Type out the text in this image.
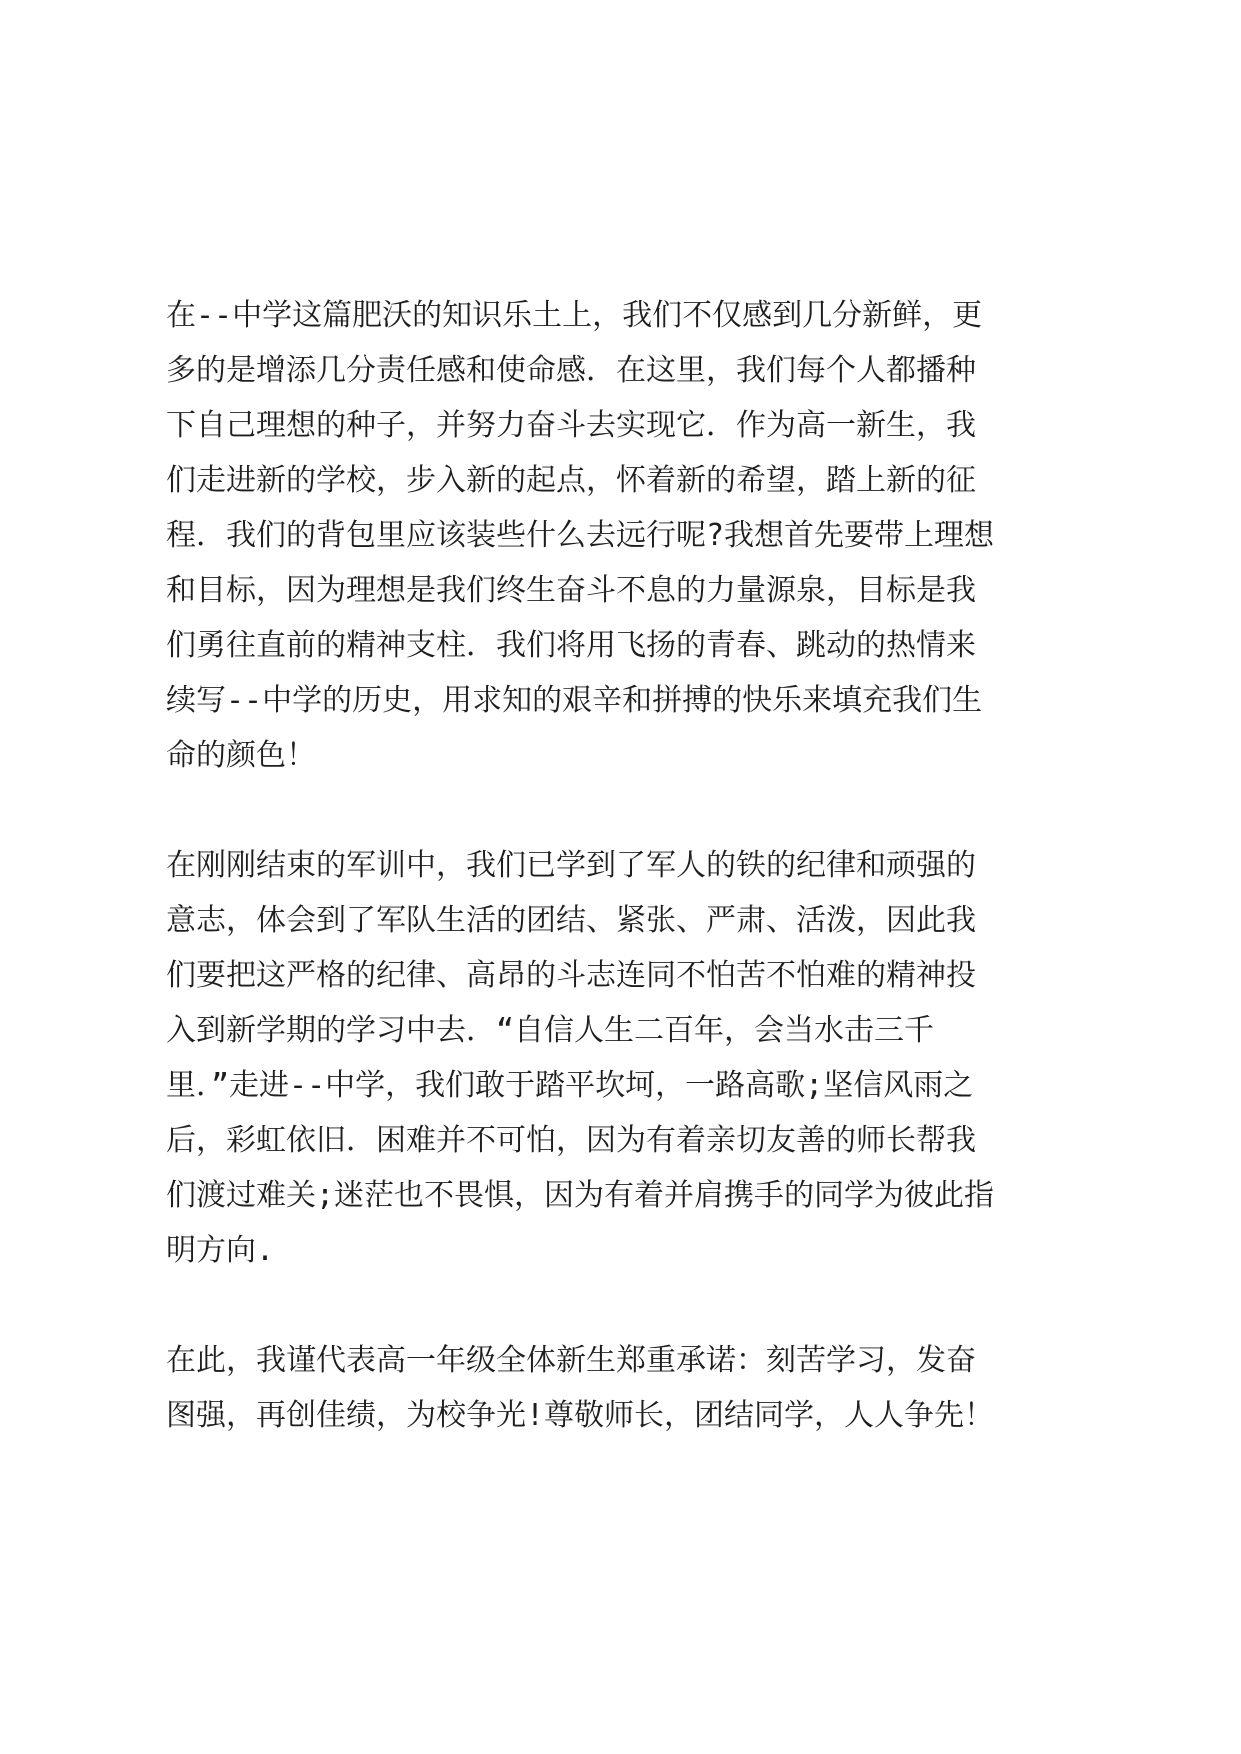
在--中学这篇肥沃的知识乐土上，我们不仅感到几分新鲜，更
多的是增添几分责任感和使命感．在这里，我们每个人都播种
下自己理想的种子，并努力奋斗去实现它．作为高一新生，我
们走进新的学校，步入新的起点，怀着新的希望，踏上新的征
程．我们的背包里应该装些什么去远行呢?我想首先要带上理想
和目标，因为理想是我们终生奋斗不息的力量源泉，目标是我
们勇往直前的精神支柱．我们将用飞扬的青春、跳动的热情来
续写--中学的历史，用求知的艰辛和拼搏的快乐来填充我们生
命的颜色！
在刚刚结束的军训中，我们已学到了军人的铁的纪律和顽强的
意志，体会到了军队生活的团结、紧张、严肃、活泼，因此我
们要把这严格的纪律、高昂的斗志连同不怕苦不怕难的精神投
入到新学期的学习中去．“自信人生二百年，会当水击三千
里．”走进--中学，我们敢于踏平坎坷，一路高歌;坚信风雨之
后，彩虹依旧．困难并不可怕，因为有着亲切友善的师长帮我
们渡过难关;迷茫也不畏惧，因为有着并肩携手的同学为彼此指
明方向.
在此，我谨代表高一年级全体新生郑重承诺：刻苦学习，发奋
图强，再创佳绩，为校争光!尊敬师长，团结同学，人人争先！
